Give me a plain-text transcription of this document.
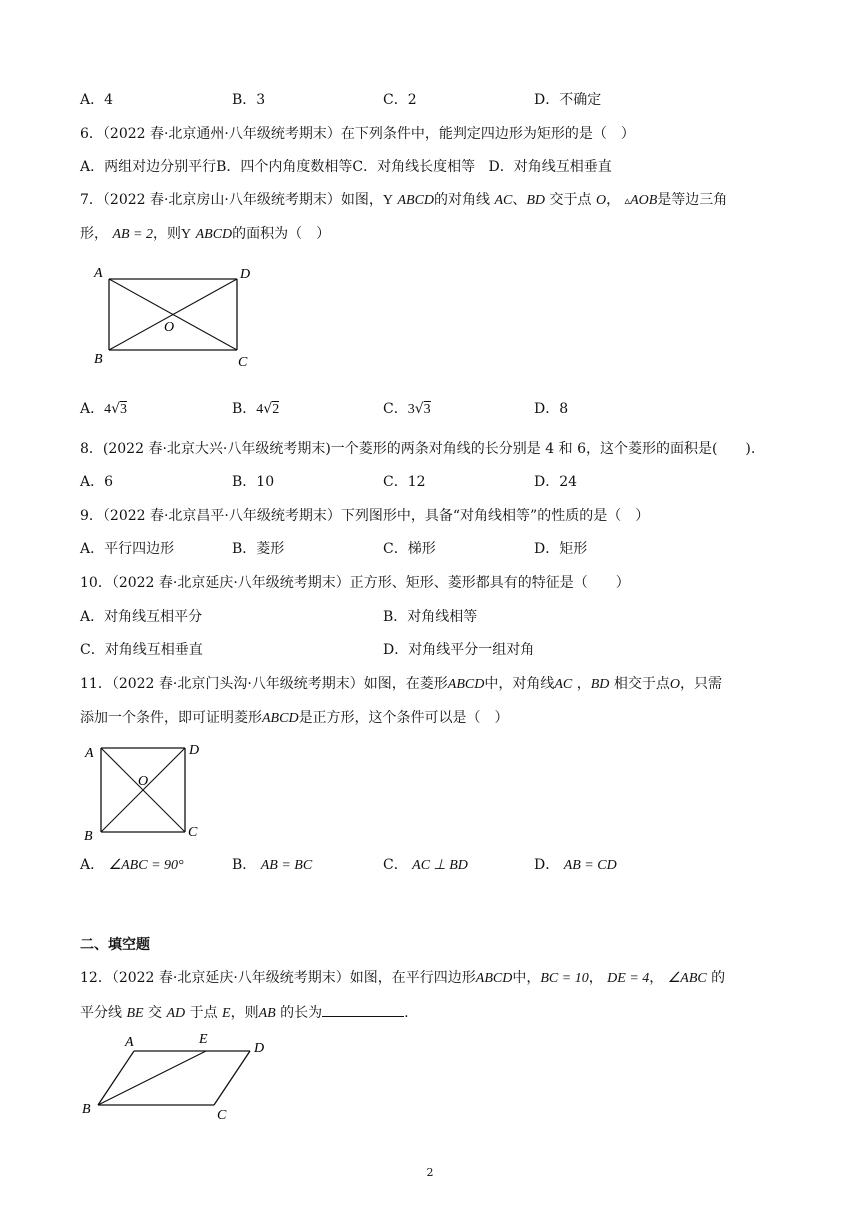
A．4	B．3	C．2	D．不确定
6．（2022 春·北京通州·八年级统考期末）在下列条件中，能判定四边形为矩形的是（　）
A．两组对边分别平行B．四个内角度数相等C．对角线长度相等 D．对角线互相垂直
7．（2022 春·北京房山·八年级统考期末）如图，Y ABCD的对角线 AC、BD 交于点 O， ▵AOB是等边三角
形， AB = 2，则Y ABCD的面积为（　）
A	D
B	C
O
A．4√3	B．4√2	C．3√3	D．8
8．(2022 春·北京大兴·八年级统考期末)一个菱形的两条对角线的长分别是 4 和 6，这个菱形的面积是(　　).
A．6	B．10	C．12	D．24
9．（2022 春·北京昌平·八年级统考期末）下列图形中，具备“对角线相等”的性质的是（　）
A．平行四边形	B．菱形	C．梯形	D．矩形
10．（2022 春·北京延庆·八年级统考期末）正方形、矩形、菱形都具有的特征是（　　）
A．对角线互相平分	B．对角线相等
C．对角线互相垂直	D．对角线平分一组对角
11．（2022 春·北京门头沟·八年级统考期末）如图，在菱形ABCD中，对角线AC ，BD 相交于点O，只需
添加一个条件，即可证明菱形ABCD是正方形，这个条件可以是（　）
A	D
B	C
O
A． ∠ABC = 90°	B． AB = BC	C． AC ⊥ BD	D． AB = CD
二、填空题
12．（2022 春·北京延庆·八年级统考期末）如图，在平行四边形ABCD中，BC = 10， DE = 4， ∠ABC 的
平分线 BE 交 AD 于点 E，则AB 的长为	.
A	E
D
B	C
2
